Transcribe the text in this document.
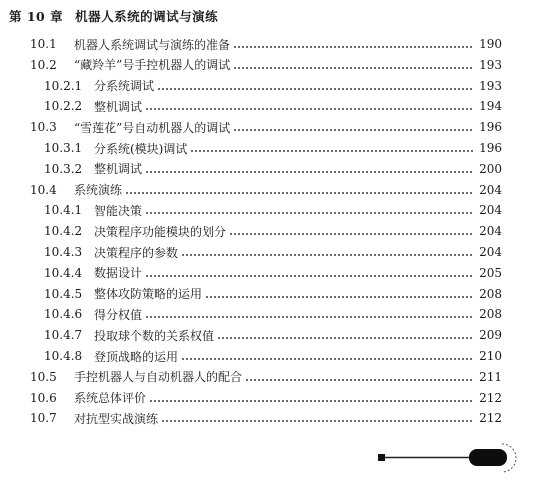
第 10 章 机器人系统的调试与演练
10.1	机器人系统调试与演练的准备	190
10.2	“藏羚羊”号手控机器人的调试	193
10.2.1 分系统调试	193
10.2.2 整机调试	194
10.3	“雪莲花”号自动机器人的调试	196
10.3.1 分系统(模块)调试	196
10.3.2 整机调试	200
10.4	系统演练	204
10.4.1 智能决策	204
10.4.2 决策程序功能模块的划分	204
10.4.3 决策程序的参数	204
10.4.4 数据设计	205
10.4.5 整体攻防策略的运用	208
10.4.6 得分权值	208
10.4.7 投取球个数的关系权值	209
10.4.8 登顶战略的运用	210
10.5	手控机器人与自动机器人的配合	211
10.6	系统总体评价	212
10.7	对抗型实战演练	212
